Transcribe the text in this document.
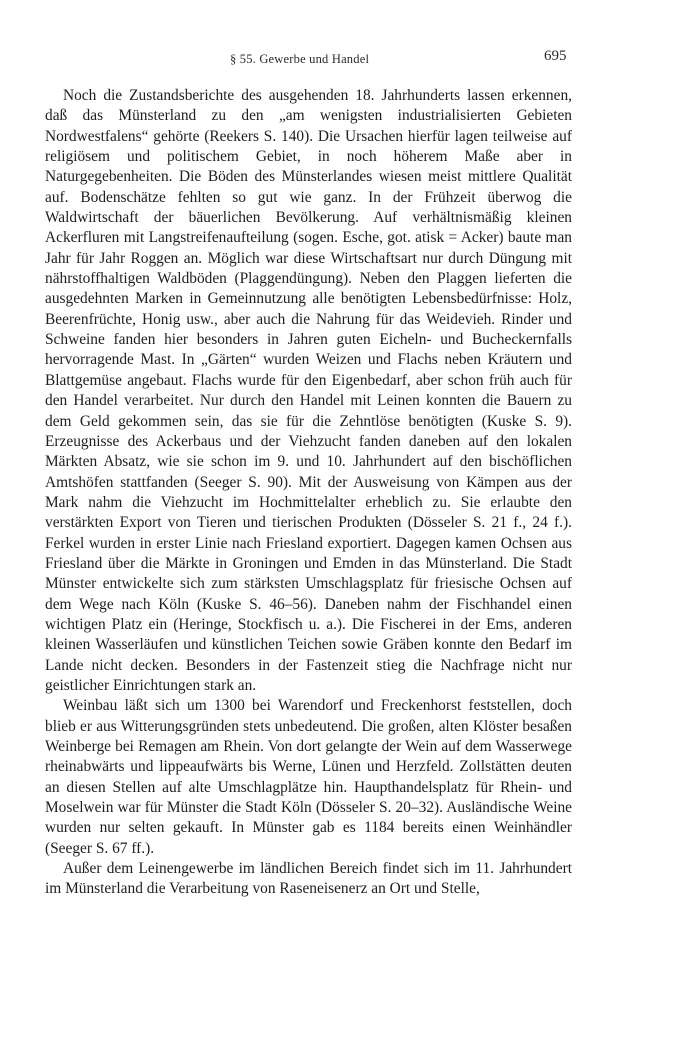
§ 55. Gewerbe und Handel	695

Noch die Zustandsberichte des ausgehenden 18. Jahrhunderts lassen erkennen, daß das Münsterland zu den „am wenigsten industrialisierten Gebieten Nordwestfalens“ gehörte (Reekers S. 140). Die Ursachen hierfür lagen teilweise auf religiösem und politischem Gebiet, in noch höherem Maße aber in Naturgegebenheiten. Die Böden des Münsterlandes wiesen meist mittlere Qualität auf. Bodenschätze fehlten so gut wie ganz. In der Frühzeit überwog die Waldwirtschaft der bäuerlichen Bevölkerung. Auf verhältnismäßig kleinen Ackerfluren mit Langstreifenaufteilung (sogen. Esche, got. atisk = Acker) baute man Jahr für Jahr Roggen an. Möglich war diese Wirtschaftsart nur durch Düngung mit nährstoffhaltigen Waldböden (Plaggendüngung). Neben den Plaggen lieferten die ausgedehnten Marken in Gemeinnutzung alle benötigten Lebensbedürfnisse: Holz, Beerenfrüchte, Honig usw., aber auch die Nahrung für das Weidevieh. Rinder und Schweine fanden hier besonders in Jahren guten Eicheln- und Bucheckernfalls hervorragende Mast. In „Gärten“ wurden Weizen und Flachs neben Kräutern und Blattgemüse angebaut. Flachs wurde für den Eigenbedarf, aber schon früh auch für den Handel verarbeitet. Nur durch den Handel mit Leinen konnten die Bauern zu dem Geld gekommen sein, das sie für die Zehntlöse benötigten (Kuske S. 9). Erzeugnisse des Ackerbaus und der Viehzucht fanden daneben auf den lokalen Märkten Absatz, wie sie schon im 9. und 10. Jahrhundert auf den bischöflichen Amtshöfen stattfanden (Seeger S. 90). Mit der Ausweisung von Kämpen aus der Mark nahm die Viehzucht im Hochmittelalter erheblich zu. Sie erlaubte den verstärkten Export von Tieren und tierischen Produkten (Dösseler S. 21 f., 24 f.). Ferkel wurden in erster Linie nach Friesland exportiert. Dagegen kamen Ochsen aus Friesland über die Märkte in Groningen und Emden in das Münsterland. Die Stadt Münster entwickelte sich zum stärksten Umschlagsplatz für friesische Ochsen auf dem Wege nach Köln (Kuske S. 46–56). Daneben nahm der Fischhandel einen wichtigen Platz ein (Heringe, Stockfisch u. a.). Die Fischerei in der Ems, anderen kleinen Wasserläufen und künstlichen Teichen sowie Gräben konnte den Bedarf im Lande nicht decken. Besonders in der Fastenzeit stieg die Nachfrage nicht nur geistlicher Einrichtungen stark an.

Weinbau läßt sich um 1300 bei Warendorf und Freckenhorst feststellen, doch blieb er aus Witterungsgründen stets unbedeutend. Die großen, alten Klöster besaßen Weinberge bei Remagen am Rhein. Von dort gelangte der Wein auf dem Wasserwege rheinabwärts und lippeaufwärts bis Werne, Lünen und Herzfeld. Zollstätten deuten an diesen Stellen auf alte Umschlagplätze hin. Haupthandelsplatz für Rhein- und Moselwein war für Münster die Stadt Köln (Dösseler S. 20–32). Ausländische Weine wurden nur selten gekauft. In Münster gab es 1184 bereits einen Weinhändler (Seeger S. 67 ff.).

Außer dem Leinengewerbe im ländlichen Bereich findet sich im 11. Jahrhundert im Münsterland die Verarbeitung von Raseneisenerz an Ort und Stelle,
